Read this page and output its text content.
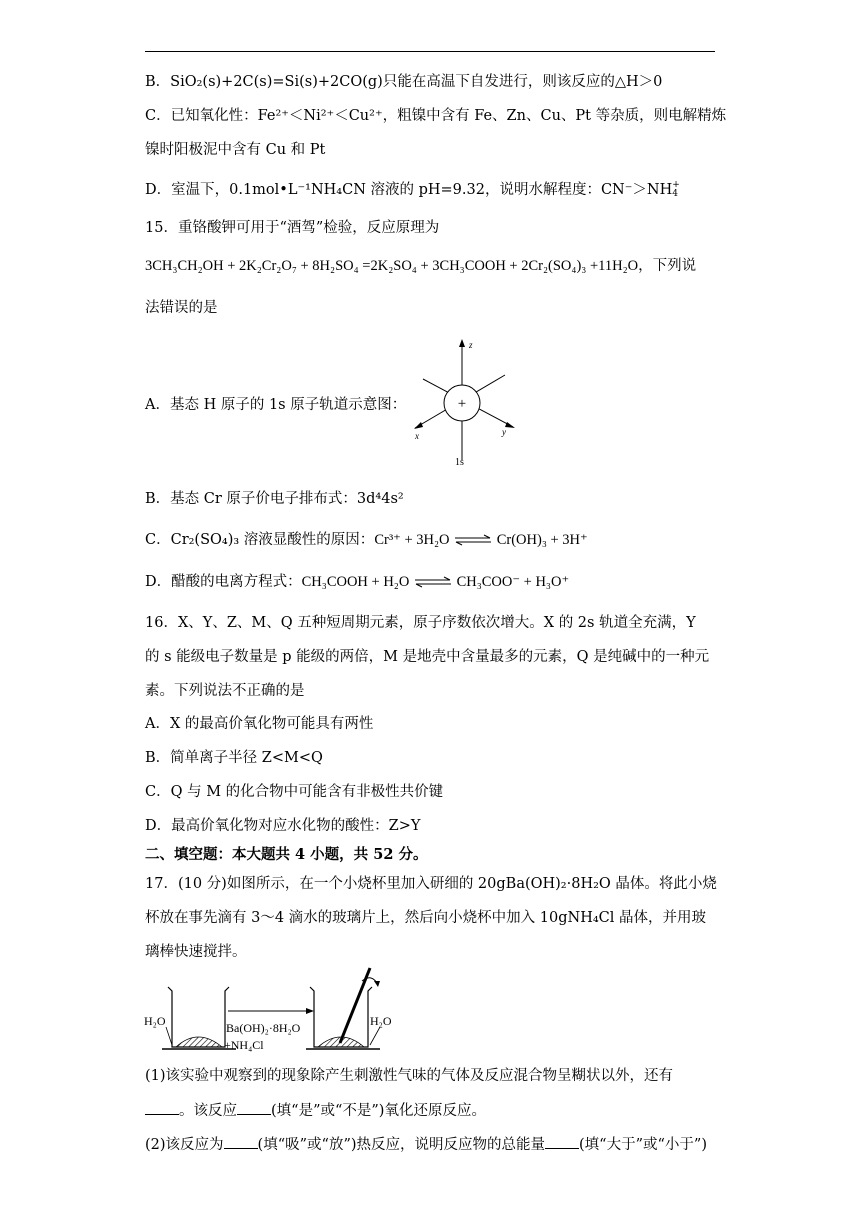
B．SiO₂(s)+2C(s)=Si(s)+2CO(g)只能在高温下自发进行，则该反应的△H＞0
C．已知氧化性：Fe²⁺＜Ni²⁺＜Cu²⁺，粗镍中含有 Fe、Zn、Cu、Pt 等杂质，则电解精炼
镍时阳极泥中含有 Cu 和 Pt
D．室温下，0.1mol•L⁻¹NH₄CN 溶液的 pH=9.32，说明水解程度：CN⁻＞NH +
4
15．重铬酸钾可用于“酒驾”检验，反应原理为
3CH₃CH₂OH + 2K₂Cr₂O₇ + 8H₂SO₄ =2K₂SO₄ + 3CH₃COOH + 2Cr₂(SO₄)₃ +11H₂O，下列说
法错误的是
A．基态 H 原子的 1s 原子轨道示意图：	+
z
x	y
1s
B．基态 Cr 原子价电子排布式：3d⁴4s²
C．Cr₂(SO₄)₃ 溶液显酸性的原因：Cr³⁺ + 3H₂O ⇌ Cr(OH)₃ + 3H⁺
D．醋酸的电离方程式：CH₃COOH + H₂O ⇌ CH₃COO⁻ + H₃O⁺
16．X、Y、Z、M、Q 五种短周期元素，原子序数依次增大。X 的 2s 轨道全充满，Y
的 s 能级电子数量是 p 能级的两倍，M 是地壳中含量最多的元素，Q 是纯碱中的一种元
素。下列说法不正确的是
A．X 的最高价氧化物可能具有两性
B．简单离子半径 Z<M<Q
C．Q 与 M 的化合物中可能含有非极性共价键
D．最高价氧化物对应水化物的酸性：Z>Y
二、填空题：本大题共 4 小题，共 52 分。
17．(10 分)如图所示，在一个小烧杯里加入研细的 20gBa(OH)₂·8H₂O 晶体。将此小烧
杯放在事先滴有 3～4 滴水的玻璃片上，然后向小烧杯中加入 10gNH₄Cl 晶体，并用玻
璃棒快速搅拌。
H₂O	Ba(OH)₂·8H₂O
+NH₄Cl
H₂O
(1)该实验中观察到的现象除产生刺激性气味的气体及反应混合物呈糊状以外，还有
。该反应 (填“是”或“不是”)氧化还原反应。
(2)该反应为 (填“吸”或“放”)热反应，说明反应物的总能量 (填“大于”或“小于”)
